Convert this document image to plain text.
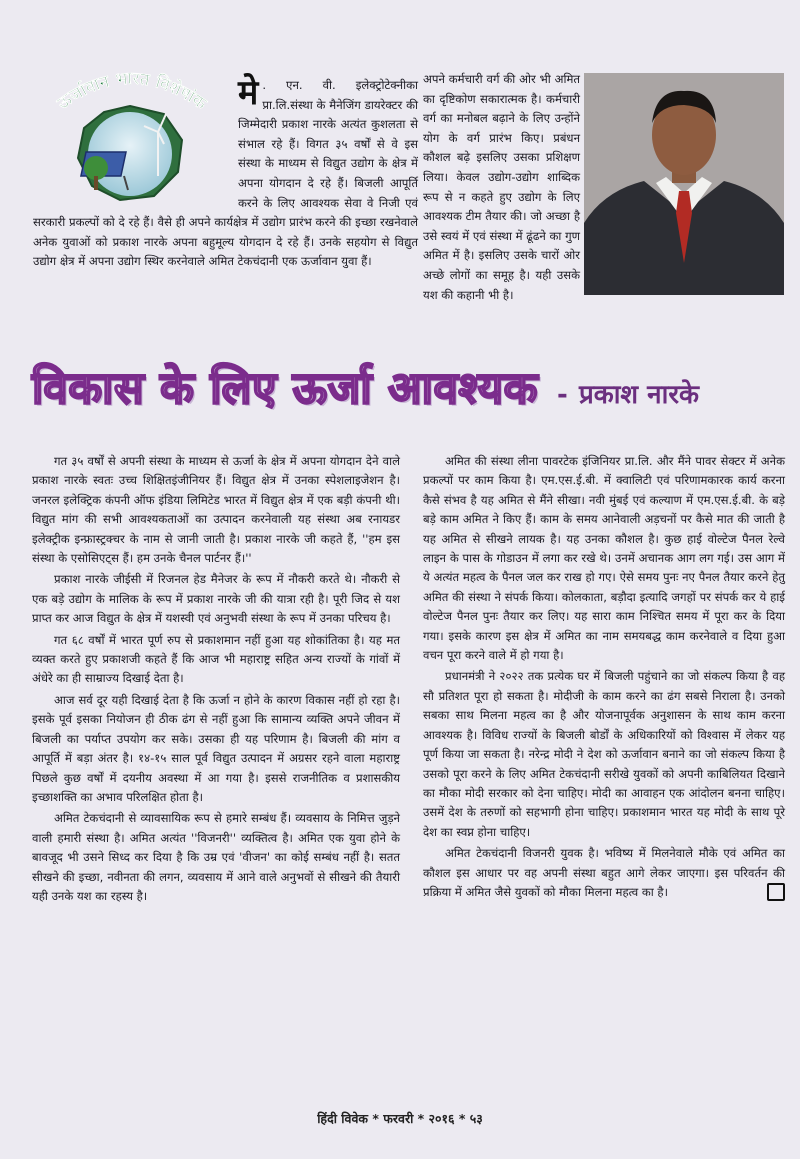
ऊर्जावान भारत विशेषांक मे . एन. वी. इलेक्ट्रोटेक्नीका प्रा.लि.संस्था के मैनेजिंग डायरेक्टर की जिम्मेदारी प्रकाश नारके अत्यंत कुशलता से संभाल रहे हैं। विगत ३५ वर्षों से वे इस संस्था के माध्यम से विद्युत उद्योग के क्षेत्र में अपना योगदान दे रहे हैं। बिजली आपूर्ति करने के लिए आवश्यक सेवा वे निजी एवं सरकारी प्रकल्पों को दे रहे हैं। वैसे ही अपने कार्यक्षेत्र में उद्योग प्रारंभ करने की इच्छा रखनेवाले अनेक युवाओं को प्रकाश नारके अपना बहुमूल्य योगदान दे रहे हैं। उनके सहयोग से विद्युत उद्योग क्षेत्र में अपना उद्योग स्थिर करनेवाले अमित टेकचंदानी एक ऊर्जावान युवा हैं।
अपने कर्मचारी वर्ग की ओर भी अमित का दृष्टिकोण सकारात्मक है। कर्मचारी वर्ग का मनोबल बढ़ाने के लिए उन्होंने योग के वर्ग प्रारंभ किए। प्रबंधन कौशल बढ़े इसलिए उसका प्रशिक्षण लिया। केवल उद्योग-उद्योग शाब्दिक रूप से न कहते हुए उद्योग के लिए आवश्यक टीम तैयार की। जो अच्छा है उसे स्वयं में एवं संस्था में ढूंढने का गुण अमित में है। इसलिए उसके चारों ओर अच्छे लोगों का समूह है। यही उसके यश की कहानी भी है।
विकास के लिए ऊर्जा आवश्यक - प्रकाश नारके

गत ३५ वर्षों से अपनी संस्था के माध्यम से ऊर्जा के क्षेत्र में अपना योगदान देने वाले प्रकाश नारके स्वतः उच्च शिक्षितइंजीनियर हैं। विद्युत क्षेत्र में उनका स्पेशलाइजेशन है। जनरल इलेक्ट्रिक कंपनी ऑफ इंडिया लिमिटेड भारत में विद्युत क्षेत्र में एक बड़ी कंपनी थी। विद्युत मांग की सभी आवश्यकताओं का उत्पादन करनेवाली यह संस्था अब रनायडर इलेक्ट्रीक इन्फ्रास्ट्रक्चर के नाम से जानी जाती है। प्रकाश नारके जी कहते हैं, ''हम इस संस्था के एसोसिएट्स हैं। हम उनके चैनल पार्टनर हैं।''

प्रकाश नारके जीईसी में रिजनल हेड मैनेजर के रूप में नौकरी करते थे। नौकरी से एक बड़े उद्योग के मालिक के रूप में प्रकाश नारके जी की यात्रा रही है। पूरी जिद से यश प्राप्त कर आज विद्युत के क्षेत्र में यशस्वी एवं अनुभवी संस्था के रूप में उनका परिचय है।

गत ६८ वर्षों में भारत पूर्ण रुप से प्रकाशमान नहीं हुआ यह शोकांतिका है। यह मत व्यक्त करते हुए प्रकाशजी कहते हैं कि आज भी महाराष्ट्र सहित अन्य राज्यों के गांवों में अंधेरे का ही साम्राज्य दिखाई देता है।

आज सर्व दूर यही दिखाई देता है कि ऊर्जा न होने के कारण विकास नहीं हो रहा है। इसके पूर्व इसका नियोजन ही ठीक ढंग से नहीं हुआ कि सामान्य व्यक्ति अपने जीवन में बिजली का पर्याप्त उपयोग कर सके। उसका ही यह परिणाम है। बिजली की मांग व आपूर्ति में बड़ा अंतर है। १४-१५ साल पूर्व विद्युत उत्पादन में अग्रसर रहने वाला महाराष्ट्र पिछले कुछ वर्षों में दयनीय अवस्था में आ गया है। इससे राजनीतिक व प्रशासकीय इच्छाशक्ति का अभाव परिलक्षित होता है।

अमित टेकचंदानी से व्यावसायिक रूप से हमारे सम्बंध हैं। व्यवसाय के निमित्त जुड़ने वाली हमारी संस्था है। अमित अत्यंत ''विजनरी'' व्यक्तित्व है। अमित एक युवा होने के बावजूद भी उसने सिध्द कर दिया है कि उम्र एवं 'वीजन' का कोई सम्बंध नहीं है। सतत सीखने की इच्छा, नवीनता की लगन, व्यवसाय में आने वाले अनुभवों से सीखने की तैयारी यही उनके यश का रहस्य है।

अमित की संस्था लीना पावरटेक इंजिनियर प्रा.लि. और मैंने पावर सेक्टर में अनेक प्रकल्पों पर काम किया है। एम.एस.ई.बी. में क्वालिटी एवं परिणामकारक कार्य करना कैसे संभव है यह अमित से मैंने सीखा। नवी मुंबई एवं कल्याण में एम.एस.ई.बी. के बड़े बड़े काम अमित ने किए हैं। काम के समय आनेवाली अड़चनों पर कैसे मात की जाती है यह अमित से सीखने लायक है। यह उनका कौशल है। कुछ हाई वोल्टेज पैनल रेल्वे लाइन के पास के गोडाउन में लगा कर रखे थे। उनमें अचानक आग लग गई। उस आग में ये अत्यंत महत्व के पैनल जल कर राख हो गए। ऐसे समय पुनः नए पैनल तैयार करने हेतु अमित की संस्था ने संपर्क किया। कोलकाता, बड़ौदा इत्यादि जगहों पर संपर्क कर ये हाई वोल्टेज पैनल पुनः तैयार कर लिए। यह सारा काम निश्चित समय में पूरा कर के दिया गया। इसके कारण इस क्षेत्र में अमित का नाम समयबद्ध काम करनेवाले व दिया हुआ वचन पूरा करने वाले में हो गया है।

प्रधानमंत्री ने २०२२ तक प्रत्येक घर में बिजली पहुंचाने का जो संकल्प किया है वह सौ प्रतिशत पूरा हो सकता है। मोदीजी के काम करने का ढंग सबसे निराला है। उनको सबका साथ मिलना महत्व का है और योजनापूर्वक अनुशासन के साथ काम करना आवश्यक है। विविध राज्यों के बिजली बोर्डों के अधिकारियों को विश्वास में लेकर यह पूर्ण किया जा सकता है। नरेन्द्र मोदी ने देश को ऊर्जावान बनाने का जो संकल्प किया है उसको पूरा करने के लिए अमित टेकचंदानी सरीखे युवकों को अपनी काबिलियत दिखाने का मौका मोदी सरकार को देना चाहिए। मोदी का आवाहन एक आंदोलन बनना चाहिए। उसमें देश के तरुणों को सहभागी होना चाहिए। प्रकाशमान भारत यह मोदी के साथ पूरे देश का स्वप्न होना चाहिए।

अमित टेकचंदानी विजनरी युवक है। भविष्य में मिलनेवाले मौके एवं अमित का कौशल इस आधार पर वह अपनी संस्था बहुत आगे लेकर जाएगा। इस परिवर्तन की प्रक्रिया में अमित जैसे युवकों को मौका मिलना महत्व का है।

हिंदी विवेक * फरवरी * २०१६ * ५३
